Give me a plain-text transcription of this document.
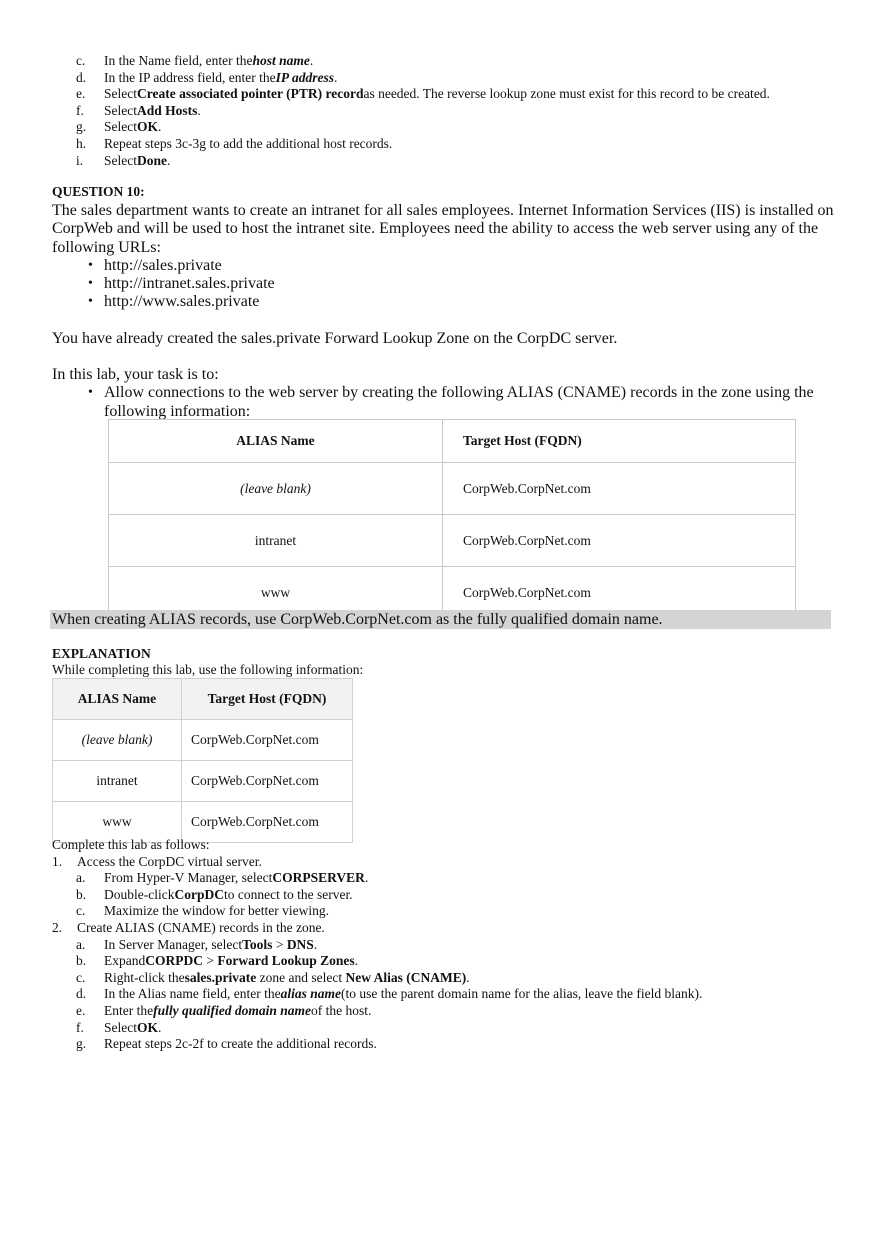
c.	In the Name field, enter the host name .
d.	In the IP address field, enter the IP address .
e.	Select Create associated pointer (PTR) record as needed. The reverse lookup zone must exist for this record to be created.
f.	Select Add Hosts .
g.	Select OK .
h.	Repeat steps 3c-3g to add the additional host records.
i.	Select Done .
QUESTION 10:
The sales department wants to create an intranet for all sales employees. Internet Information Services (IIS) is installed on CorpWeb and will be used to host the intranet site. Employees need the ability to access the web server using any of the following URLs:
• http://sales.private
• http://intranet.sales.private
• http://www.sales.private
You have already created the sales.private Forward Lookup Zone on the CorpDC server.
In this lab, your task is to:
• Allow connections to the web server by creating the following ALIAS (CNAME) records in the zone using the following information:
ALIAS Name	Target Host (FQDN)
(leave blank)	CorpWeb.CorpNet.com
intranet	CorpWeb.CorpNet.com
www	CorpWeb.CorpNet.com
When creating ALIAS records, use CorpWeb.CorpNet.com as the fully qualified domain name.
EXPLANATION
While completing this lab, use the following information:
ALIAS Name	Target Host (FQDN)
(leave blank)	CorpWeb.CorpNet.com
intranet	CorpWeb.CorpNet.com
www	CorpWeb.CorpNet.com
Complete this lab as follows:
1.	Access the CorpDC virtual server.
a.	From Hyper-V Manager, select CORPSERVER .
b.	Double-click CorpDC to connect to the server.
c.	Maximize the window for better viewing.
2.	Create ALIAS (CNAME) records in the zone.
a.	In Server Manager, select Tools > DNS .
b.	Expand CORPDC > Forward Lookup Zones .
c.	Right-click the sales.private zone and select New Alias (CNAME) .
d.	In the Alias name field, enter the alias name (to use the parent domain name for the alias, leave the field blank).
e.	Enter the fully qualified domain name of the host.
f.	Select OK .
g.	Repeat steps 2c-2f to create the additional records.
